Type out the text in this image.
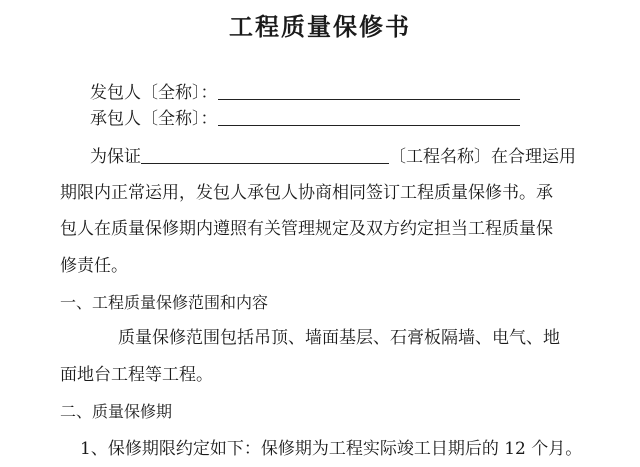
工程质量保修书
发包人〔全称〕：
承包人〔全称〕：
为保证	〔工程名称〕在合理运用
期限内正常运用，发包人承包人协商相同签订工程质量保修书。承
包人在质量保修期内遵照有关管理规定及双方约定担当工程质量保
修责任。
一、工程质量保修范围和内容
质量保修范围包括吊顶、墙面基层、石膏板隔墙、电气、地
面地台工程等工程。
二、质量保修期
1、保修期限约定如下：保修期为工程实际竣工日期后的 12 个月。
